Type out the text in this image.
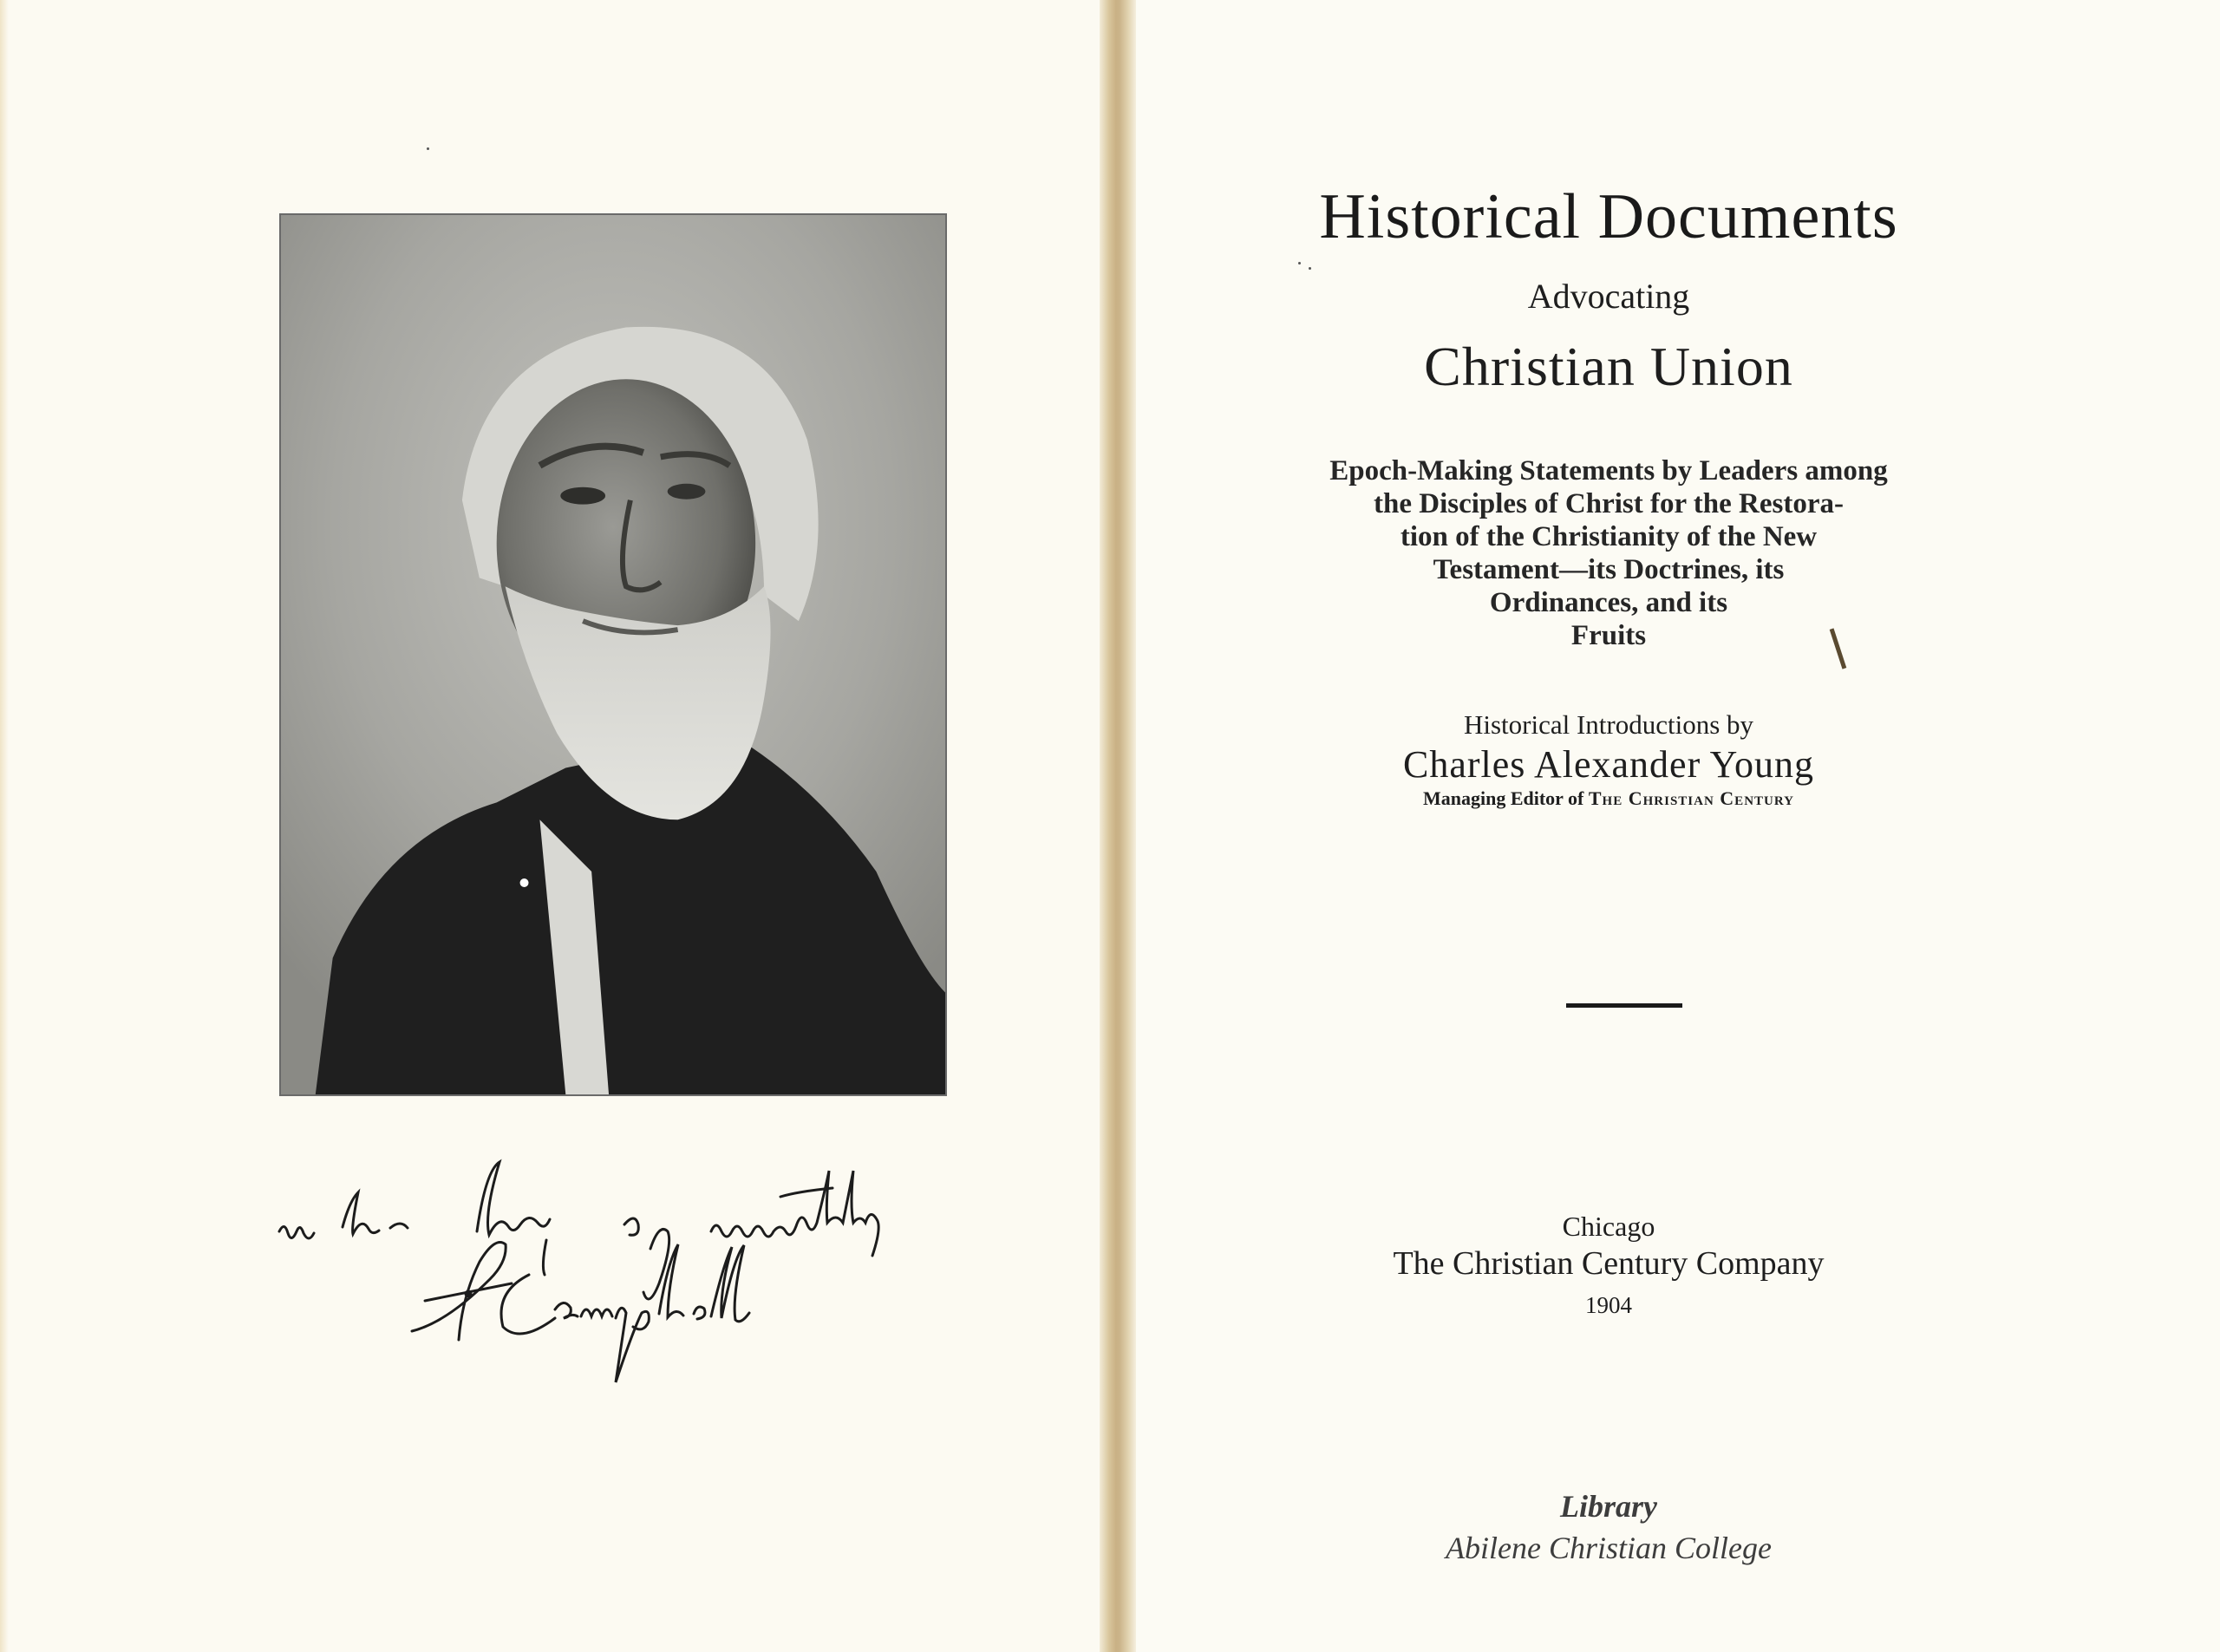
Historical Documents
Advocating
Christian Union
Epoch-Making Statements by Leaders among
the Disciples of Christ for the Restora-
tion of the Christianity of the New
Testament—its Doctrines, its
Ordinances, and its
Fruits
Historical Introductions by
Charles Alexander Young
Managing Editor of The Christian Century
Chicago
The Christian Century Company
1904
Library
Abilene Christian College
